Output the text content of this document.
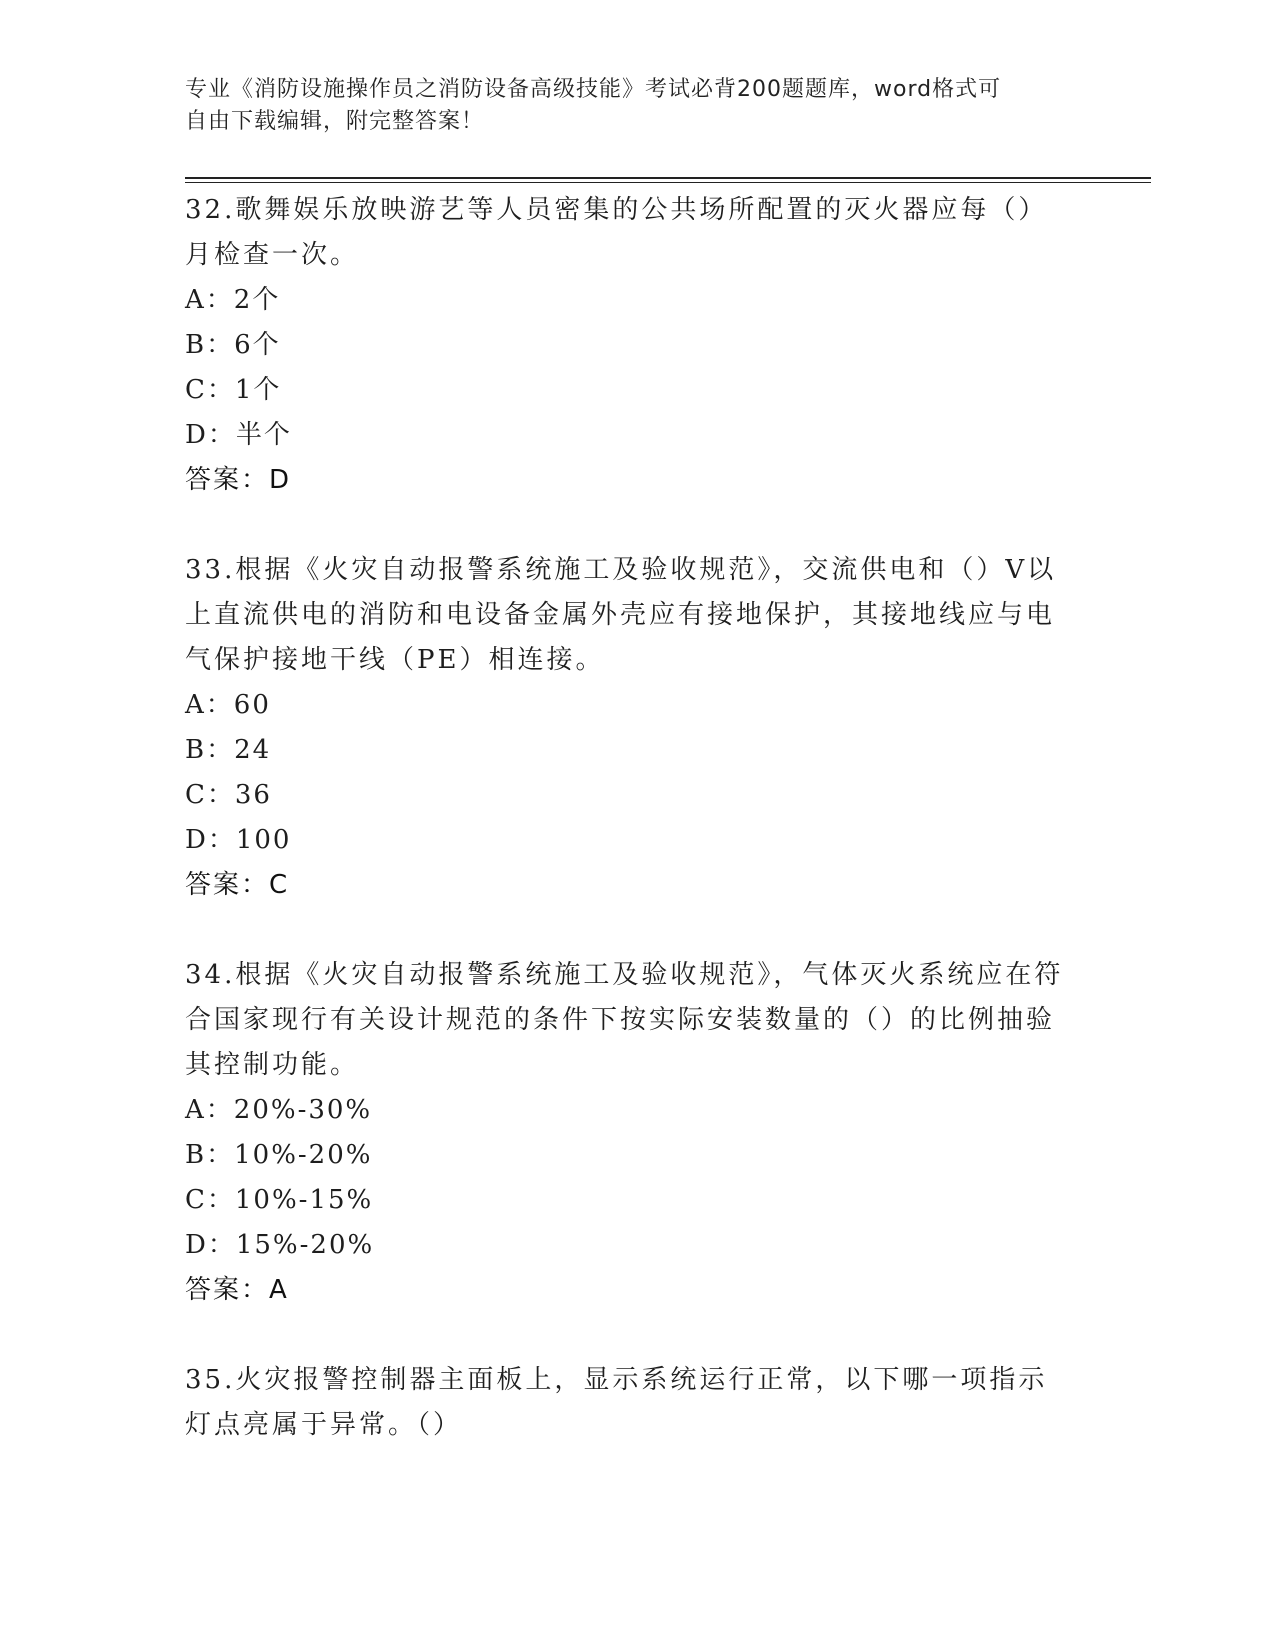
专业《消防设施操作员之消防设备高级技能》考试必背200题题库，word格式可
自由下载编辑，附完整答案！
32.歌舞娱乐放映游艺等人员密集的公共场所配置的灭火器应每（）月检查一次。
A：2个
B：6个
C：1个
D：半个
答案：D
33.根据《火灾自动报警系统施工及验收规范》，交流供电和（）V以上直流供电的消防和电设备金属外壳应有接地保护，其接地线应与电气保护接地干线（PE）相连接。
A：60
B：24
C：36
D：100
答案：C
34.根据《火灾自动报警系统施工及验收规范》，气体灭火系统应在符合国家现行有关设计规范的条件下按实际安装数量的（）的比例抽验其控制功能。
A：20%-30%
B：10%-20%
C：10%-15%
D：15%-20%
答案：A
35.火灾报警控制器主面板上，显示系统运行正常，以下哪一项指示灯点亮属于异常。（）
